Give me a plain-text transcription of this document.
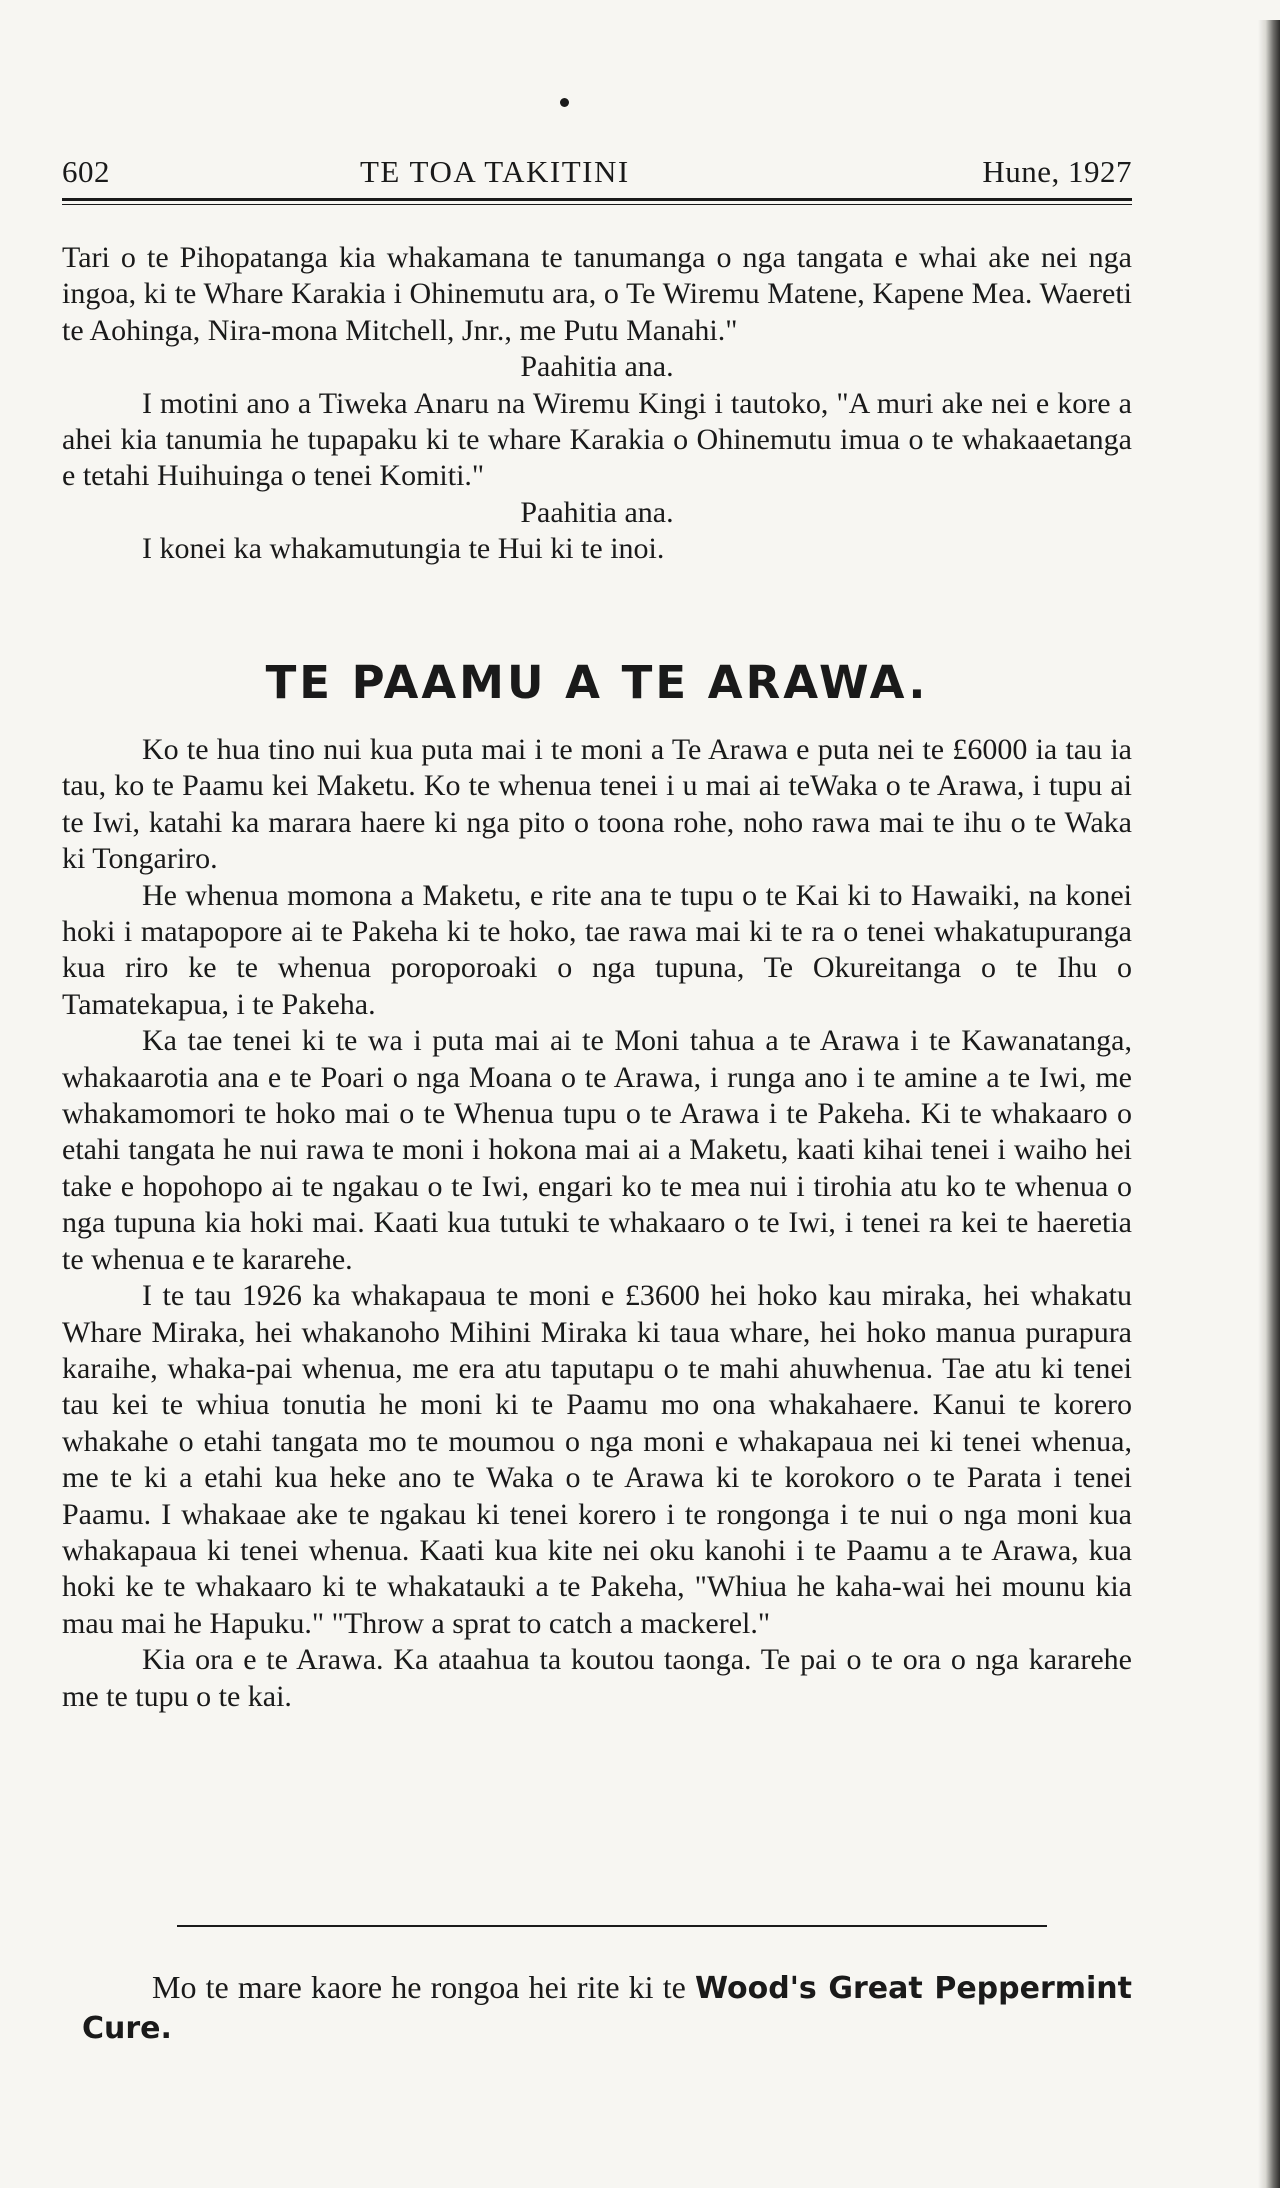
602	TE TOA TAKITINI	Hune, 1927

Tari o te Pihopatanga kia whakamana te tanumanga o nga tangata e whai ake nei nga ingoa, ki te Whare Karakia i Ohinemutu ara, o Te Wiremu Matene, Kapene Mea. Waereti te Aohinga, Nira-mona Mitchell, Jnr., me Putu Manahi."

Paahitia ana.

I motini ano a Tiweka Anaru na Wiremu Kingi i tautoko, "A muri ake nei e kore a ahei kia tanumia he tupapaku ki te whare Karakia o Ohinemutu imua o te whakaaetanga e tetahi Huihuinga o tenei Komiti."

Paahitia ana.

I konei ka whakamutungia te Hui ki te inoi.

TE PAAMU A TE ARAWA.

Ko te hua tino nui kua puta mai i te moni a Te Arawa e puta nei te £6000 ia tau ia tau, ko te Paamu kei Maketu. Ko te whenua tenei i u mai ai teWaka o te Arawa, i tupu ai te Iwi, katahi ka marara haere ki nga pito o toona rohe, noho rawa mai te ihu o te Waka ki Tongariro.

He whenua momona a Maketu, e rite ana te tupu o te Kai ki to Hawaiki, na konei hoki i matapopore ai te Pakeha ki te hoko, tae rawa mai ki te ra o tenei whakatupuranga kua riro ke te whenua poroporoaki o nga tupuna, Te Okureitanga o te Ihu o Tamatekapua, i te Pakeha.

Ka tae tenei ki te wa i puta mai ai te Moni tahua a te Arawa i te Kawanatanga, whakaarotia ana e te Poari o nga Moana o te Arawa, i runga ano i te amine a te Iwi, me whakamomori te hoko mai o te Whenua tupu o te Arawa i te Pakeha. Ki te whakaaro o etahi tangata he nui rawa te moni i hokona mai ai a Maketu, kaati kihai tenei i waiho hei take e hopohopo ai te ngakau o te Iwi, engari ko te mea nui i tirohia atu ko te whenua o nga tupuna kia hoki mai. Kaati kua tutuki te whakaaro o te Iwi, i tenei ra kei te haeretia te whenua e te kararehe.

I te tau 1926 ka whakapaua te moni e £3600 hei hoko kau miraka, hei whakatu Whare Miraka, hei whakanoho Mihini Miraka ki taua whare, hei hoko manua purapura karaihe, whaka-pai whenua, me era atu taputapu o te mahi ahuwhenua. Tae atu ki tenei tau kei te whiua tonutia he moni ki te Paamu mo ona whakahaere. Kanui te korero whakahe o etahi tangata mo te moumou o nga moni e whakapaua nei ki tenei whenua, me te ki a etahi kua heke ano te Waka o te Arawa ki te korokoro o te Parata i tenei Paamu. I whakaae ake te ngakau ki tenei korero i te rongonga i te nui o nga moni kua whakapaua ki tenei whenua. Kaati kua kite nei oku kanohi i te Paamu a te Arawa, kua hoki ke te whakaaro ki te whakatauki a te Pakeha, "Whiua he kaha-wai hei mounu kia mau mai he Hapuku." "Throw a sprat to catch a mackerel."

Kia ora e te Arawa. Ka ataahua ta koutou taonga. Te pai o te ora o nga kararehe me te tupu o te kai.

Mo te mare kaore he rongoa hei rite ki te Wood's Great Peppermint Cure.
